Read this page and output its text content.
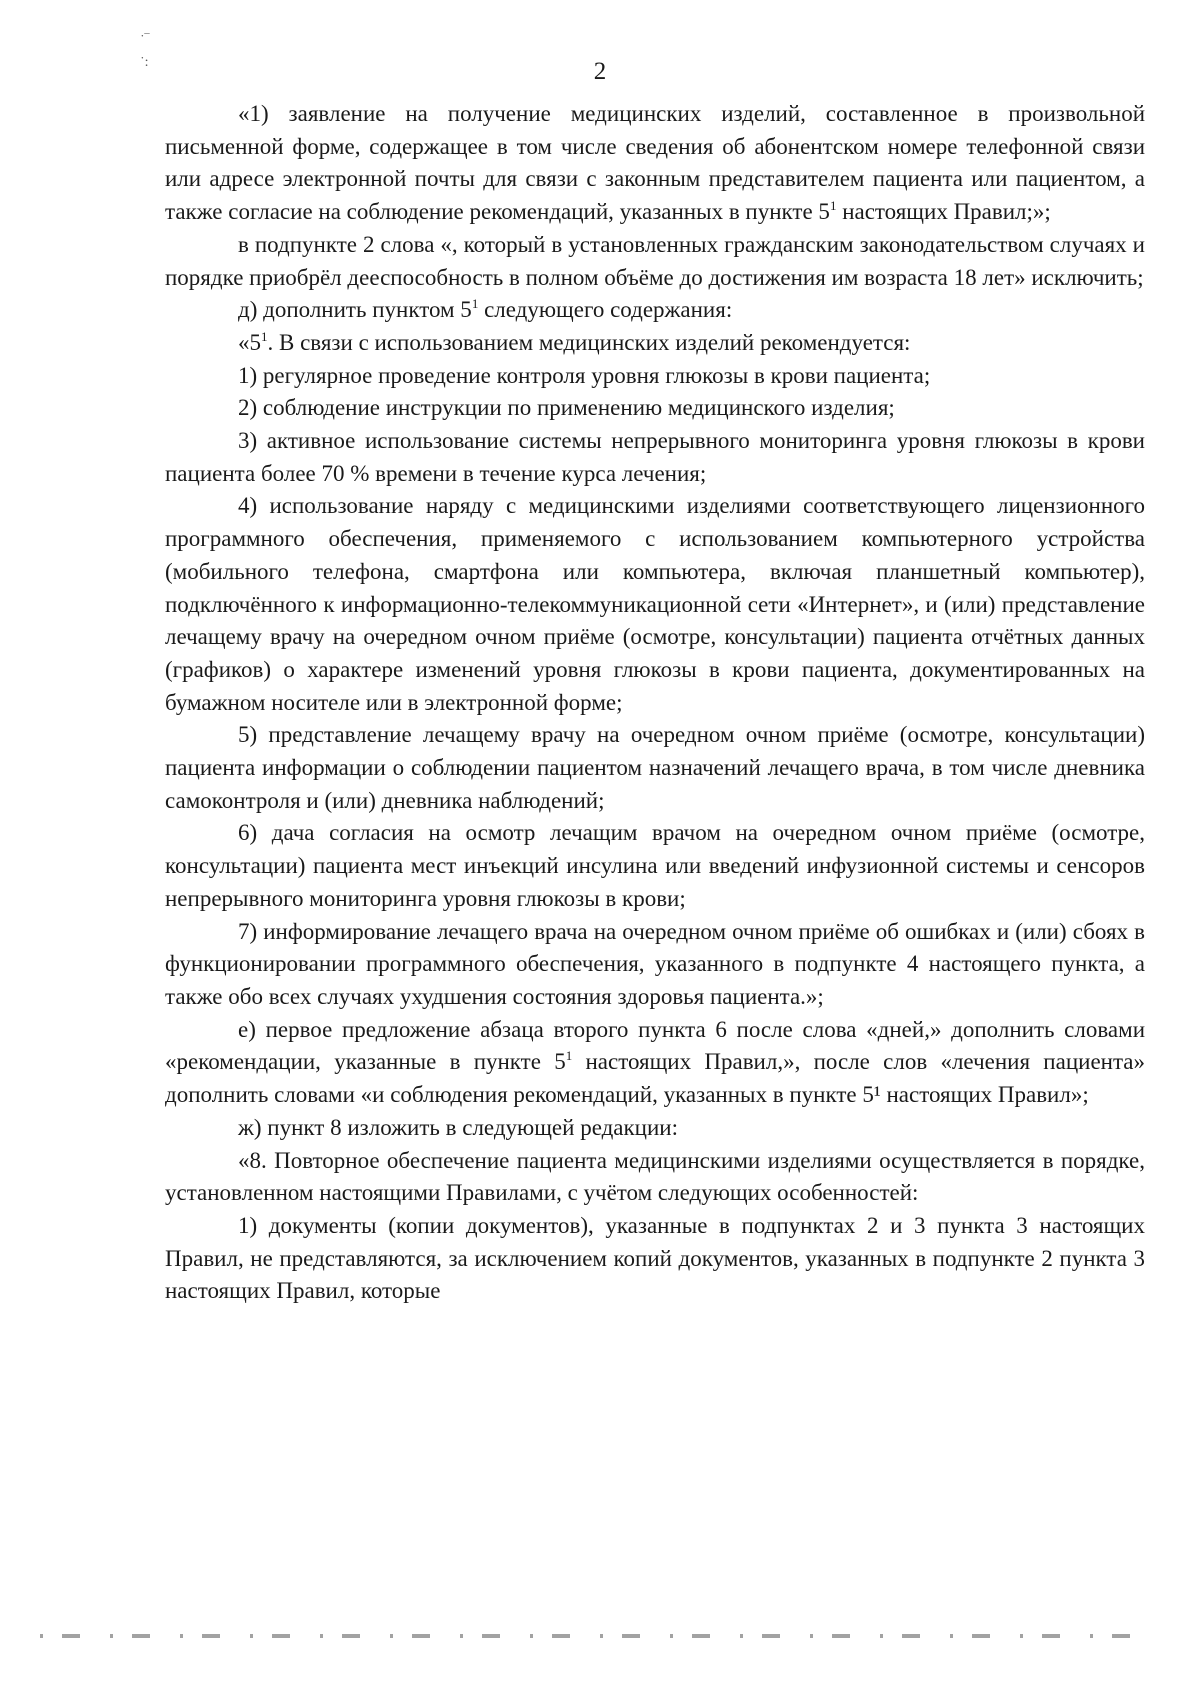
˙‾
˙:	2

«1) заявление на получение медицинских изделий, составленное в произвольной письменной форме, содержащее в том числе сведения об абонентском номере телефонной связи или адресе электронной почты для связи с законным представителем пациента или пациентом, а также согласие на соблюдение рекомендаций, указанных в пункте $5^1$ настоящих Правил;»;

в подпункте 2 слова «, который в установленных гражданским законодательством случаях и порядке приобрёл дееспособность в полном объёме до достижения им возраста 18 лет» исключить;

д) дополнить пунктом $5^1$ следующего содержания:

«$5^1$. В связи с использованием медицинских изделий рекомендуется:

1) регулярное проведение контроля уровня глюкозы в крови пациента;

2) соблюдение инструкции по применению медицинского изделия;

3) активное использование системы непрерывного мониторинга уровня глюкозы в крови пациента более 70 % времени в течение курса лечения;

4) использование наряду с медицинскими изделиями соответствующего лицензионного программного обеспечения, применяемого с использованием компьютерного устройства (мобильного телефона, смартфона или компьютера, включая планшетный компьютер), подключённого к информационно-телекоммуникационной сети «Интернет», и (или) представление лечащему врачу на очередном очном приёме (осмотре, консультации) пациента отчётных данных (графиков) о характере изменений уровня глюкозы в крови пациента, документированных на бумажном носителе или в электронной форме;

5) представление лечащему врачу на очередном очном приёме (осмотре, консультации) пациента информации о соблюдении пациентом назначений лечащего врача, в том числе дневника самоконтроля и (или) дневника наблюдений;

6) дача согласия на осмотр лечащим врачом на очередном очном приёме (осмотре, консультации) пациента мест инъекций инсулина или введений инфузионной системы и сенсоров непрерывного мониторинга уровня глюкозы в крови;

7) информирование лечащего врача на очередном очном приёме об ошибках и (или) сбоях в функционировании программного обеспечения, указанного в подпункте 4 настоящего пункта, а также обо всех случаях ухудшения состояния здоровья пациента.»;

е) первое предложение абзаца второго пункта 6 после слова «дней,» дополнить словами «рекомендации, указанные в пункте $5^1$ настоящих Правил,», после слов «лечения пациента» дополнить словами «и соблюдения рекомендаций, указанных в пункте 5¹ настоящих Правил»;

ж) пункт 8 изложить в следующей редакции:

«8. Повторное обеспечение пациента медицинскими изделиями осуществляется в порядке, установленном настоящими Правилами, с учётом следующих особенностей:

1) документы (копии документов), указанные в подпунктах 2 и 3 пункта 3 настоящих Правил, не представляются, за исключением копий документов, указанных в подпункте 2 пункта 3 настоящих Правил, которые
